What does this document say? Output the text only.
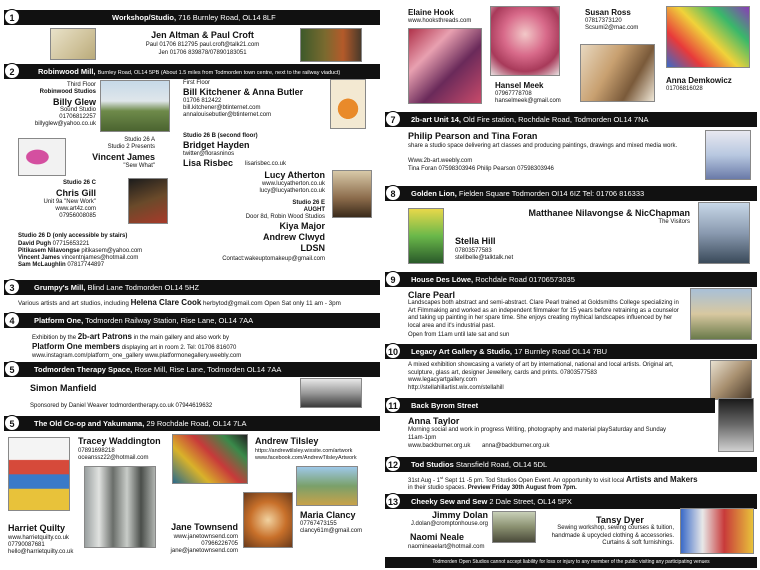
Workshop/Studio, 716 Burnley Road, OL14 8LF
1
Jen Altman & Paul Croft
Paul 01706 812795 paul.croft@talk21.com
Jen 01706 839878/07890183051
Robinwood Mill, Burnley Road, OL14 5PB (About 1.5 miles from Todmorden town centre, next to the railway viaduct)
2
Third Floor
Robinwood Studios
Billy Glew
Sound Studio
01706812257
billyglew@yahoo.co.uk
First Floor
Bill Kitchener & Anna Butler
01706 812422
bill.kitchener@btinternet.com
annalouisebutler@btinternet.com
Studio 26 A
Studio 2 Presents
Vincent James
"Sew What"
Studio 26 B (second floor)
Bridget Hayden
twitter@florasninos
Lisa Risbec lisarisbec.co.uk
Studio 26 C
Chris Gill
Unit 9a "New Work"
www.art4z.com
07956008085
Lucy Atherton
www.lucyatherton.co.uk
lucy@lucyatherton.co.uk
Studio 26 E
AUGHT
Door 8d, Robin Wood Studios
Kiya Major
Andrew Clwyd
LDSN
Contact:wakeuptomakeup@gmail.com
Studio 26 D (only accessible by stairs)
David Pugh 07715653221
Pitikasem Nilavongse pitikasem@yahoo.com
Vincent James vincentnjames@hotmail.com
Sam McLaughlin 07817744897
Grumpy's Mill, Blind Lane Todmorden OL14 5HZ
3
Various artists and art studios, including Helena Clare Cook herbytod@gmail.com Open Sat only 11 am - 3pm
Platform One, Todmorden Railway Station, Rise Lane, OL14 7AA
4
Exhibition by the 2b-art Patrons in the main gallery and also work by
Platform One members displaying art in room 2. Tel: 01706 816070
www.instagram.com/platform_one_gallery www.platformonegallery.weebly.com
Todmorden Therapy Space, Rose Mill, Rise Lane, Todmorden OL14 7AA
5
Simon Manfield
Sponsored by Daniel Weaver todmordentherapy.co.uk 07944619632
The Old Co-op and Yakumama, 29 Rochdale Road, OL14 7LA
5
Tracey Waddington
07891698218
oceanssz22@hotmail.com
Andrew Tilsley
https://andrewtilsley.wixsite.com/artwork
www.facebook.com/AndrewTilsleyArtwork
Maria Clancy
07767473155
clancy61m@gmail.com
Harriet Quilty
www.harrietquilty.co.uk
07790087681
hello@harrietquilty.co.uk
Jane Townsend
www.janetownsend.com
07966226705
jane@janetownsend.com
Elaine Hook
www.hooksthreads.com
Hansel Meek
07967778708
hanselmeek@gmail.com
Susan Ross
07817373120
Scsumi2@mac.com
Anna Demkowicz
01706816028
2b-art Unit 14, Old Fire station, Rochdale Road, Todmorden OL14 7NA
7
Philip Pearson and Tina Foran
share a studio space delivering art classes and producing paintings, drawings and mixed media work.
Www.2b-art.weebly.com
Tina Foran 07598303946 Philip Pearson 07598303946
Golden Lion, Fielden Square Todmorden OI14 6IZ Tel: 01706 816333
8
Matthanee Nilavongse & NicChapman
The Visitors
Stella Hill
07803577583
stellbelle@talktalk.net
House Des Löwe, Rochdale Road 01706573035
9
Clare Pearl
Landscapes both abstract and semi-abstract. Clare Pearl trained at Goldsmiths College specializing in Art Filmmaking and worked as an independent filmmaker for 15 years before retraining as a counselor and taking up painting in her spare time. She enjoys creating mythical landscapes influenced by her local area and it's industrial past.
Open from 11am until late sat and sun
Legacy Art Gallery & Studio, 17 Burnley Road OL14 7BU
10
A mixed exhibition showcasing a variety of art by international, national and local artists. Original art, sculpture, glass art, designer Jewellery, cards and prints. 07803577583
www.legacyartgallery.com
http://stellahillartist.wix.com/stellahill
Back Byrom Street
11
Anna Taylor
Morning social and work in progress Writing, photography and material playSaturday and Sunday 11am-1pm
www.backburner.org.uk       anna@backburner.org.uk
Tod Studios Stansfield Road, OL14 5DL
12
31st Aug - 1st Sept 11 -5 pm. Tod Studios Open Event. An opportunity to visit local Artists and Makers
in their studio spaces. Preview Friday 30th August from 7pm.
Cheeky Sew and Sew 2 Dale Street, OL14 5PX
13
Jimmy Dolan
J.dolan@cromptonhouse.org
Naomi Neale
naomineaelart@hotmail.com
Tansy Dyer
Sewing workshop, sewing courses & tuition, handmade & upcycled clothing & accessories. Curtains & soft furnishings.
Todmorden Open Studios cannot accept liability for loss or injury to any member of the public visiting any participating venues
